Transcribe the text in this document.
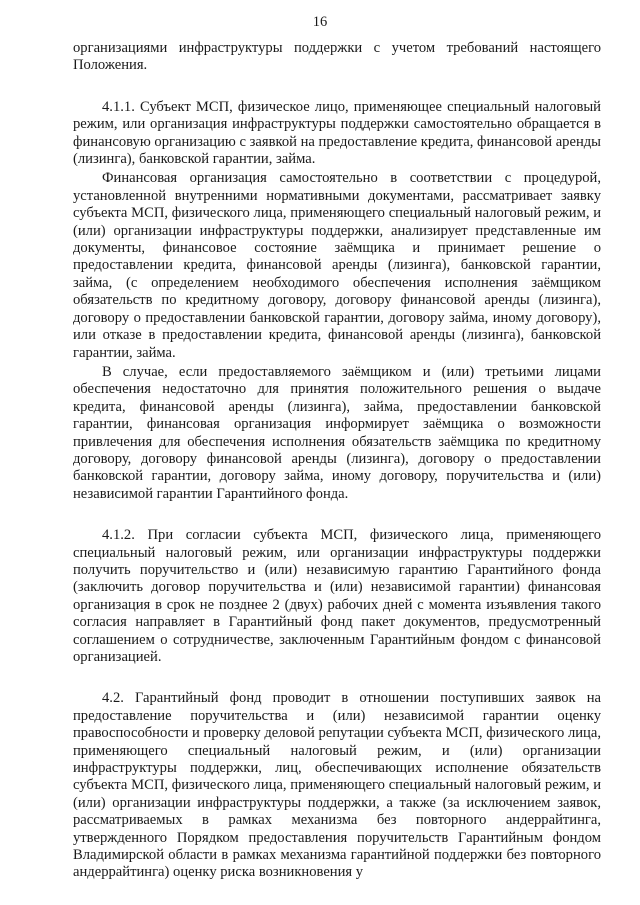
16

организациями инфраструктуры поддержки с учетом требований настоящего Положения.

4.1.1. Субъект МСП, физическое лицо, применяющее специальный налоговый режим, или организация инфраструктуры поддержки самостоятельно обращается в финансовую организацию с заявкой на предоставление кредита, финансовой аренды (лизинга), банковской гарантии, займа.

Финансовая организация самостоятельно в соответствии с процедурой, установленной внутренними нормативными документами, рассматривает заявку субъекта МСП, физического лица, применяющего специальный налоговый режим, и (или) организации инфраструктуры поддержки, анализирует представленные им документы, финансовое состояние заёмщика и принимает решение о предоставлении кредита, финансовой аренды (лизинга), банковской гарантии, займа, (с определением необходимого обеспечения исполнения заёмщиком обязательств по кредитному договору, договору финансовой аренды (лизинга), договору о предоставлении банковской гарантии, договору займа, иному договору), или отказе в предоставлении кредита, финансовой аренды (лизинга), банковской гарантии, займа.

В случае, если предоставляемого заёмщиком и (или) третьими лицами обеспечения недостаточно для принятия положительного решения о выдаче кредита, финансовой аренды (лизинга), займа, предоставлении банковской гарантии, финансовая организация информирует заёмщика о возможности привлечения для обеспечения исполнения обязательств заёмщика по кредитному договору, договору финансовой аренды (лизинга), договору о предоставлении банковской гарантии, договору займа, иному договору, поручительства и (или) независимой гарантии Гарантийного фонда.

4.1.2. При согласии субъекта МСП, физического лица, применяющего специальный налоговый режим, или организации инфраструктуры поддержки получить поручительство и (или) независимую гарантию Гарантийного фонда (заключить договор поручительства и (или) независимой гарантии) финансовая организация в срок не позднее 2 (двух) рабочих дней с момента изъявления такого согласия направляет в Гарантийный фонд пакет документов, предусмотренный соглашением о сотрудничестве, заключенным Гарантийным фондом с финансовой организацией.

4.2. Гарантийный фонд проводит в отношении поступивших заявок на предоставление поручительства и (или) независимой гарантии оценку правоспособности и проверку деловой репутации субъекта МСП, физического лица, применяющего специальный налоговый режим, и (или) организации инфраструктуры поддержки, лиц, обеспечивающих исполнение обязательств субъекта МСП, физического лица, применяющего специальный налоговый режим, и (или) организации инфраструктуры поддержки, а также (за исключением заявок, рассматриваемых в рамках механизма без повторного андеррайтинга, утвержденного Порядком предоставления поручительств Гарантийным фондом Владимирской области в рамках механизма гарантийной поддержки без повторного андеррайтинга) оценку риска возникновения у
